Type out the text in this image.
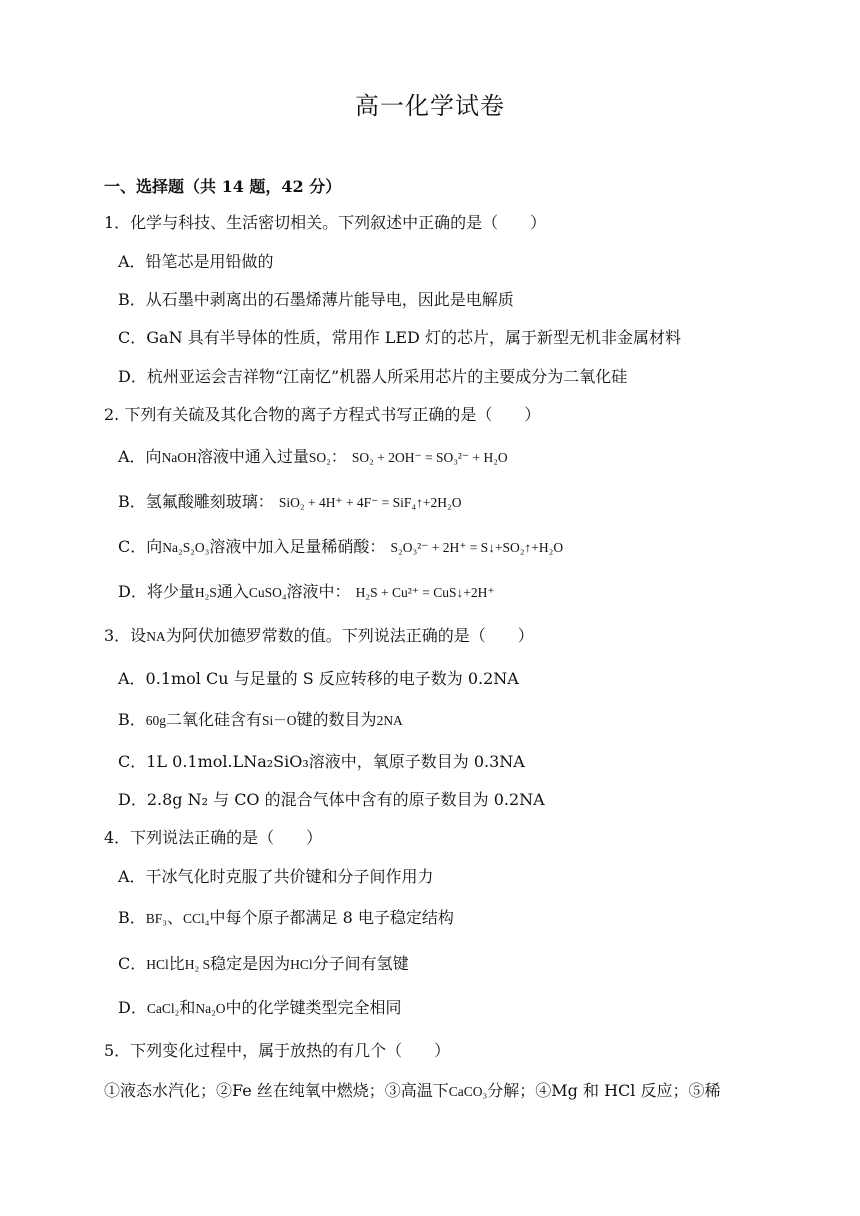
高一化学试卷
一、选择题（共 14 题，42 分）
1．化学与科技、生活密切相关。下列叙述中正确的是（　　）
A．铅笔芯是用铅做的
B．从石墨中剥离出的石墨烯薄片能导电，因此是电解质
C．GaN 具有半导体的性质，常用作 LED 灯的芯片，属于新型无机非金属材料
D．杭州亚运会吉祥物“江南忆”机器人所采用芯片的主要成分为二氧化硅
2. 下列有关硫及其化合物的离子方程式书写正确的是（　　）
A．向NaOH溶液中通入过量SO₂： SO₂ + 2OH⁻ = SO₃²⁻ + H₂O
B．氢氟酸雕刻玻璃： SiO₂ + 4H⁺ + 4F⁻ = SiF₄↑+2H₂O
C．向Na₂S₂O₃溶液中加入足量稀硝酸： S₂O₃²⁻ + 2H⁺ = S↓+SO₂↑+H₂O
D．将少量H₂S通入CuSO₄溶液中： H₂S + Cu²⁺ = CuS↓+2H⁺
3．设NA为阿伏加德罗常数的值。下列说法正确的是（　　）
A．0.1mol Cu 与足量的 S 反应转移的电子数为 0.2NA
B．60g二氧化硅含有Si－O键的数目为2NA
C．1L 0.1mol.LNa₂SiO₃溶液中，氧原子数目为 0.3NA
D．2.8g N₂ 与 CO 的混合气体中含有的原子数目为 0.2NA
4．下列说法正确的是（　　）
A．干冰气化时克服了共价键和分子间作用力
B．BF₃、CCl₄中每个原子都满足 8 电子稳定结构
C．HCl比H₂ S稳定是因为HCl分子间有氢键
D．CaCl₂和Na₂O中的化学键类型完全相同
5．下列变化过程中，属于放热的有几个（　　）
①液态水汽化；②Fe 丝在纯氧中燃烧；③高温下CaCO₃分解；④Mg 和 HCl 反应；⑤稀
